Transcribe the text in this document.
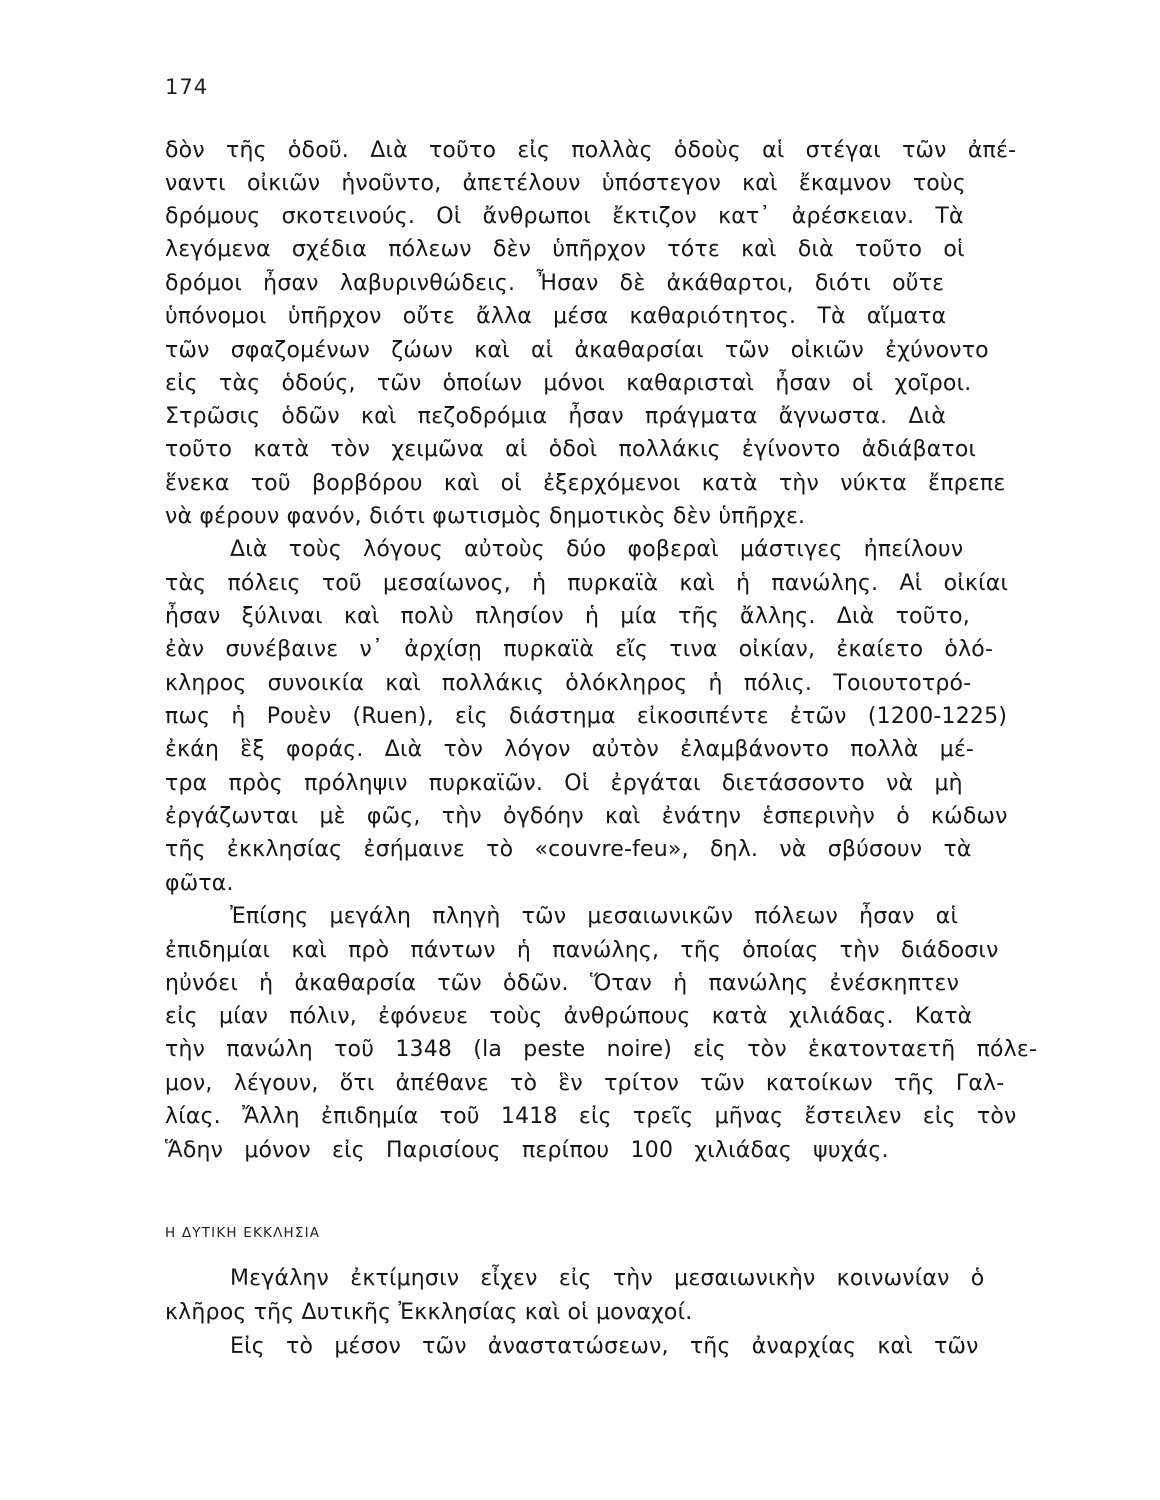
174
δὸν τῆς ὁδοῦ. Διὰ τοῦτο εἰς πολλὰς ὁδοὺς αἱ στέγαι τῶν ἀπέ-
ναντι οἰκιῶν ἡνοῦντο, ἀπετέλουν ὑπόστεγον καὶ ἔκαμνον τοὺς
δρόμους σκοτεινούς. Οἱ ἄνθρωποι ἔκτιζον κατ᾽ ἀρέσκειαν. Τὰ
λεγόμενα σχέδια πόλεων δὲν ὑπῆρχον τότε καὶ διὰ τοῦτο οἱ
δρόμοι ἦσαν λαβυρινθώδεις. Ἦσαν δὲ ἀκάθαρτοι, διότι οὔτε
ὑπόνομοι ὑπῆρχον οὔτε ἄλλα μέσα καθαριότητος. Τὰ αἵματα
τῶν σφαζομένων ζώων καὶ αἱ ἀκαθαρσίαι τῶν οἰκιῶν ἐχύνοντο
εἰς τὰς ὁδούς, τῶν ὁποίων μόνοι καθαρισταὶ ἦσαν οἱ χοῖροι.
Στρῶσις ὁδῶν καὶ πεζοδρόμια ἦσαν πράγματα ἄγνωστα. Διὰ
τοῦτο κατὰ τὸν χειμῶνα αἱ ὁδοὶ πολλάκις ἐγίνοντο ἀδιάβατοι
ἕνεκα τοῦ βορβόρου καὶ οἱ ἐξερχόμενοι κατὰ τὴν νύκτα ἔπρεπε
νὰ φέρουν φανόν, διότι φωτισμὸς δημοτικὸς δὲν ὑπῆρχε.
Διὰ τοὺς λόγους αὐτοὺς δύο φοβεραὶ μάστιγες ἠπείλουν
τὰς πόλεις τοῦ μεσαίωνος, ἡ πυρκαϊὰ καὶ ἡ πανώλης. Αἱ οἰκίαι
ἦσαν ξύλιναι καὶ πολὺ πλησίον ἡ μία τῆς ἄλλης. Διὰ τοῦτο,
ἐὰν συνέβαινε ν᾽ ἀρχίσῃ πυρκαϊὰ εἴς τινα οἰκίαν, ἐκαίετο ὁλό-
κληρος συνοικία καὶ πολλάκις ὁλόκληρος ἡ πόλις. Τοιουτοτρό-
πως ἡ Ρουὲν (Ruen), εἰς διάστημα εἰκοσιπέντε ἐτῶν (1200-1225)
ἐκάη ἓξ φοράς. Διὰ τὸν λόγον αὐτὸν ἐλαμβάνοντο πολλὰ μέ-
τρα πρὸς πρόληψιν πυρκαϊῶν. Οἱ ἐργάται διετάσσοντο νὰ μὴ
ἐργάζωνται μὲ φῶς, τὴν ὀγδόην καὶ ἐνάτην ἑσπερινὴν ὁ κώδων
τῆς ἐκκλησίας ἐσήμαινε τὸ «couvre-feu», δηλ. νὰ σβύσουν τὰ
φῶτα.
Ἐπίσης μεγάλη πληγὴ τῶν μεσαιωνικῶν πόλεων ἦσαν αἱ
ἐπιδημίαι καὶ πρὸ πάντων ἡ πανώλης, τῆς ὁποίας τὴν διάδοσιν
ηὐνόει ἡ ἀκαθαρσία τῶν ὁδῶν. Ὅταν ἡ πανώλης ἐνέσκηπτεν
εἰς μίαν πόλιν, ἐφόνευε τοὺς ἀνθρώπους κατὰ χιλιάδας. Κατὰ
τὴν πανώλη τοῦ 1348 (la peste noire) εἰς τὸν ἑκατονταετῆ πόλε-
μον, λέγουν, ὅτι ἀπέθανε τὸ ἓν τρίτον τῶν κατοίκων τῆς Γαλ-
λίας. Ἄλλη ἐπιδημία τοῦ 1418 εἰς τρεῖς μῆνας ἔστειλεν εἰς τὸν
Ἅδην μόνον εἰς Παρισίους περίπου 100 χιλιάδας ψυχάς.
Η ΔΥΤΙΚΗ ΕΚΚΛΗΣΙΑ
Μεγάλην ἐκτίμησιν εἶχεν εἰς τὴν μεσαιωνικὴν κοινωνίαν ὁ
κλῆρος τῆς Δυτικῆς Ἐκκλησίας καὶ οἱ μοναχοί.
Εἰς τὸ μέσον τῶν ἀναστατώσεων, τῆς ἀναρχίας καὶ τῶν
